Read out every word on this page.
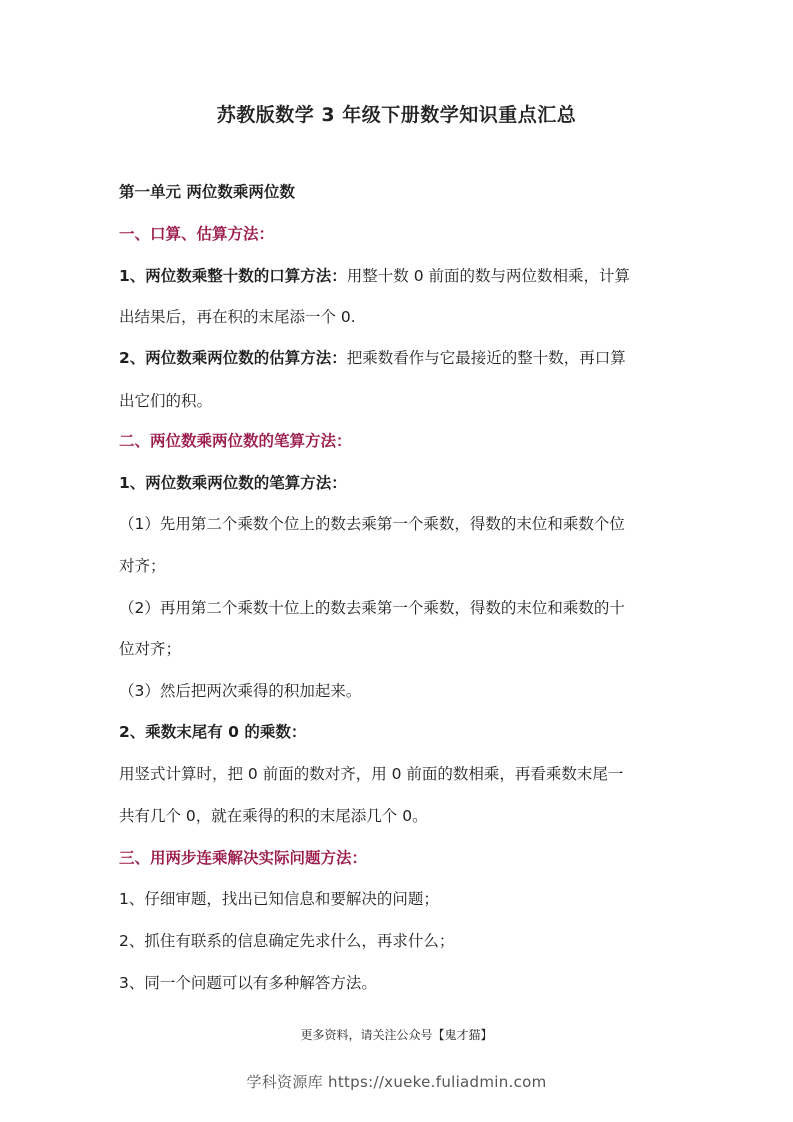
苏教版数学 3 年级下册数学知识重点汇总
第一单元 两位数乘两位数
一、口算、估算方法：
1、两位数乘整十数的口算方法：用整十数 0 前面的数与两位数相乘，计算
出结果后，再在积的末尾添一个 0.
2、两位数乘两位数的估算方法：把乘数看作与它最接近的整十数，再口算
出它们的积。
二、两位数乘两位数的笔算方法：
1、两位数乘两位数的笔算方法：
（1）先用第二个乘数个位上的数去乘第一个乘数，得数的末位和乘数个位
对齐；
（2）再用第二个乘数十位上的数去乘第一个乘数，得数的末位和乘数的十
位对齐；
（3）然后把两次乘得的积加起来。
2、乘数末尾有 0 的乘数：
用竖式计算时，把 0 前面的数对齐，用 0 前面的数相乘，再看乘数末尾一
共有几个 0，就在乘得的积的末尾添几个 0。
三、用两步连乘解决实际问题方法：
1、仔细审题，找出已知信息和要解决的问题；
2、抓住有联系的信息确定先求什么，再求什么；
3、同一个问题可以有多种解答方法。
更多资料，请关注公众号【鬼才猫】
学科资源库 https://xueke.fuliadmin.com
